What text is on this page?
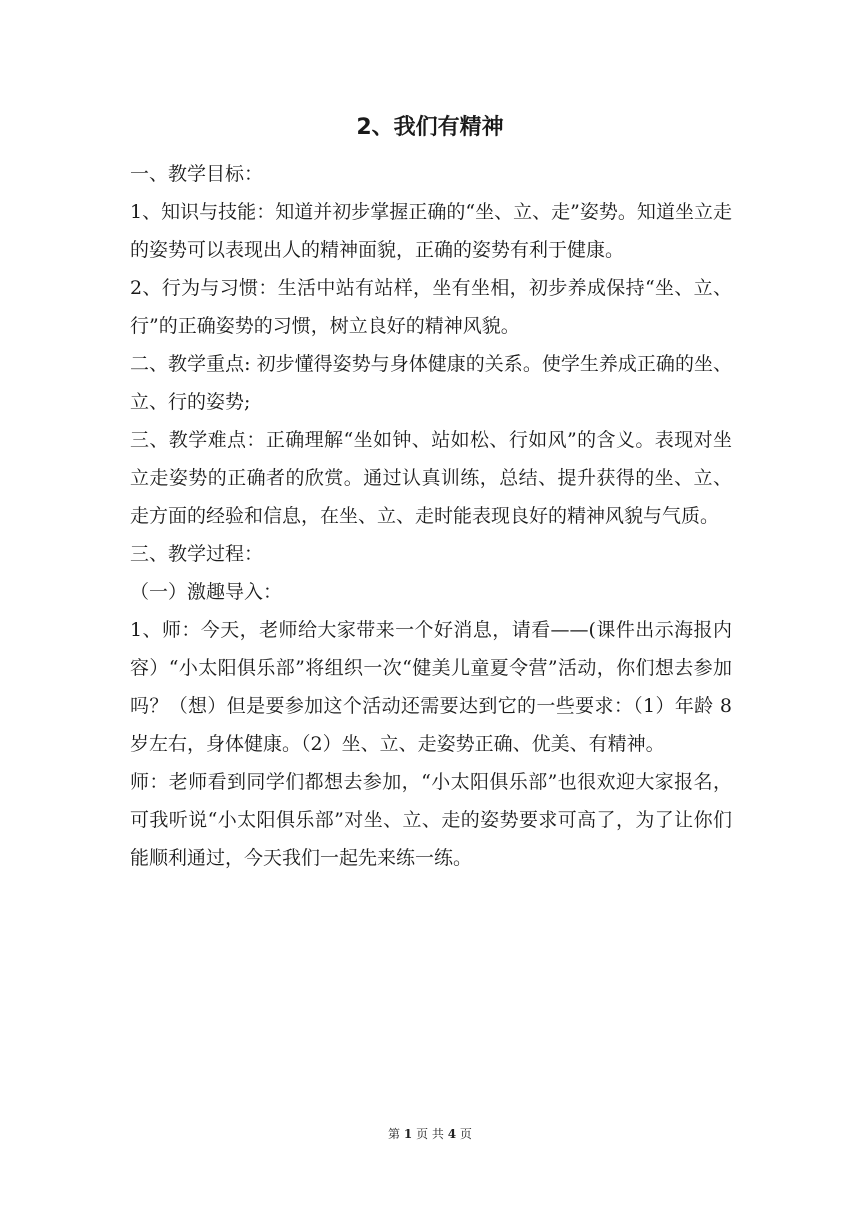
2、我们有精神

一、教学目标：

1、知识与技能：知道并初步掌握正确的“坐、立、走”姿势。知道坐立走的姿势可以表现出人的精神面貌，正确的姿势有利于健康。

2、行为与习惯：生活中站有站样，坐有坐相，初步养成保持“坐、立、行”的正确姿势的习惯，树立良好的精神风貌。

二、教学重点: 初步懂得姿势与身体健康的关系。使学生养成正确的坐、立、行的姿势;

三、教学难点：正确理解“坐如钟、站如松、行如风”的含义。表现对坐立走姿势的正确者的欣赏。通过认真训练，总结、提升获得的坐、立、走方面的经验和信息，在坐、立、走时能表现良好的精神风貌与气质。

三、教学过程：

（一）激趣导入：

1、师：今天，老师给大家带来一个好消息，请看——(课件出示海报内容）“小太阳俱乐部”将组织一次“健美儿童夏令营”活动，你们想去参加吗？（想）但是要参加这个活动还需要达到它的一些要求：（1）年龄 8 岁左右，身体健康。（2）坐、立、走姿势正确、优美、有精神。

师：老师看到同学们都想去参加，“小太阳俱乐部”也很欢迎大家报名，可我听说“小太阳俱乐部”对坐、立、走的姿势要求可高了，为了让你们能顺利通过，今天我们一起先来练一练。

第 1 页 共 4 页
